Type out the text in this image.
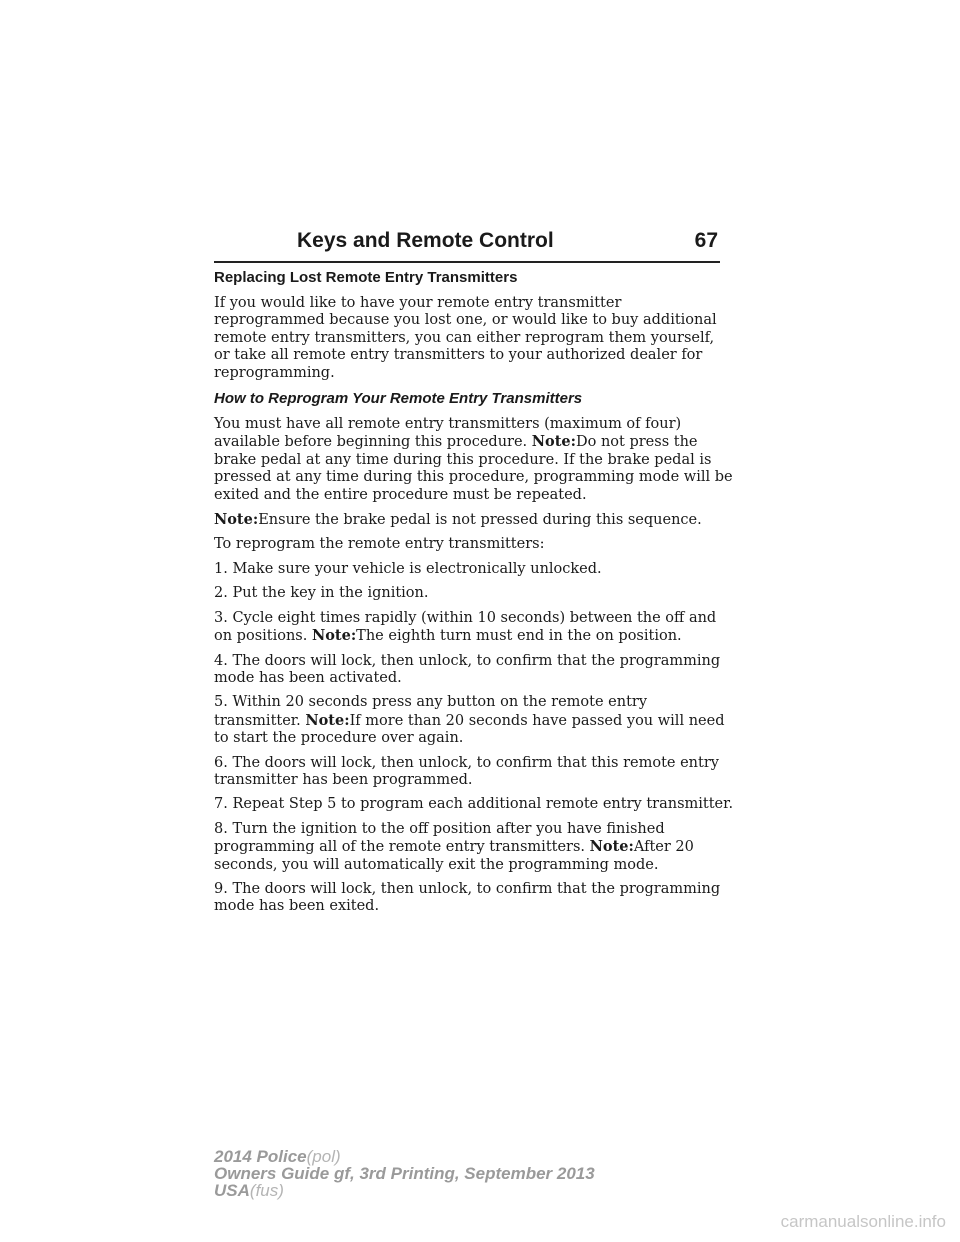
Keys and Remote Control	67
Replacing Lost Remote Entry Transmitters

If you would like to have your remote entry transmitter reprogrammed because you lost one, or would like to buy additional remote entry transmitters, you can either reprogram them yourself, or take all remote entry transmitters to your authorized dealer for reprogramming.

How to Reprogram Your Remote Entry Transmitters

You must have all remote entry transmitters (maximum of four) available before beginning this procedure. Note:Do not press the brake pedal at any time during this procedure. If the brake pedal is pressed at any time during this procedure, programming mode will be exited and the entire procedure must be repeated.

Note:Ensure the brake pedal is not pressed during this sequence.

To reprogram the remote entry transmitters:

1. Make sure your vehicle is electronically unlocked.

2. Put the key in the ignition.

3. Cycle eight times rapidly (within 10 seconds) between the off and on positions. Note:The eighth turn must end in the on position.

4. The doors will lock, then unlock, to confirm that the programming mode has been activated.

5. Within 20 seconds press any button on the remote entry transmitter. Note:If more than 20 seconds have passed you will need to start the procedure over again.

6. The doors will lock, then unlock, to confirm that this remote entry transmitter has been programmed.

7. Repeat Step 5 to program each additional remote entry transmitter.

8. Turn the ignition to the off position after you have finished programming all of the remote entry transmitters. Note:After 20 seconds, you will automatically exit the programming mode.

9. The doors will lock, then unlock, to confirm that the programming mode has been exited.

2014 Police(pol)
Owners Guide gf, 3rd Printing, September 2013
USA(fus)
carmanualsonline.info
